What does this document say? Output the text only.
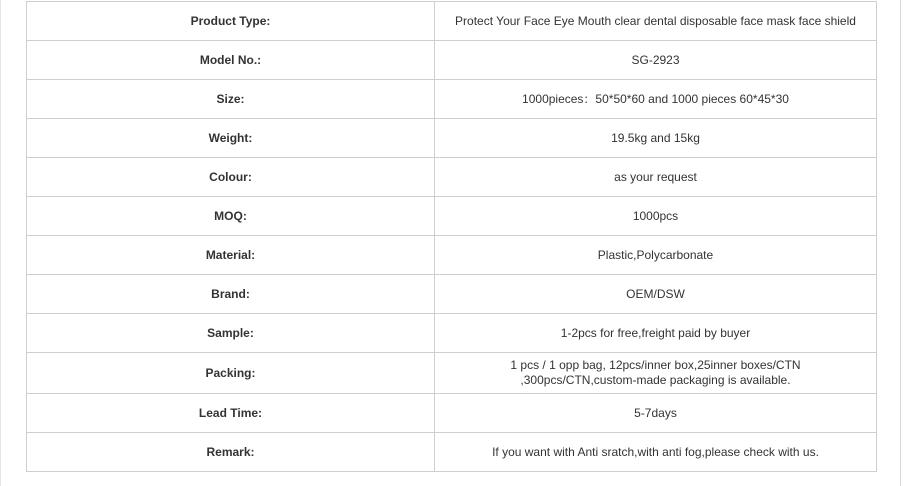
Product Type:	Protect Your Face Eye Mouth clear dental disposable face mask face shield
Model No.:	SG-2923
Size:	1000pieces：50*50*60 and 1000 pieces 60*45*30
Weight:	19.5kg and 15kg
Colour:	as your request
MOQ:	1000pcs
Material:	Plastic,Polycarbonate
Brand:	OEM/DSW
Sample:	1-2pcs for free,freight paid by buyer
Packing:	1 pcs / 1 opp bag, 12pcs/inner box,25inner boxes/CTN ,300pcs/CTN,custom-made packaging is available.
Lead Time:	5-7days
Remark:	If you want with Anti sratch,with anti fog,please check with us.
